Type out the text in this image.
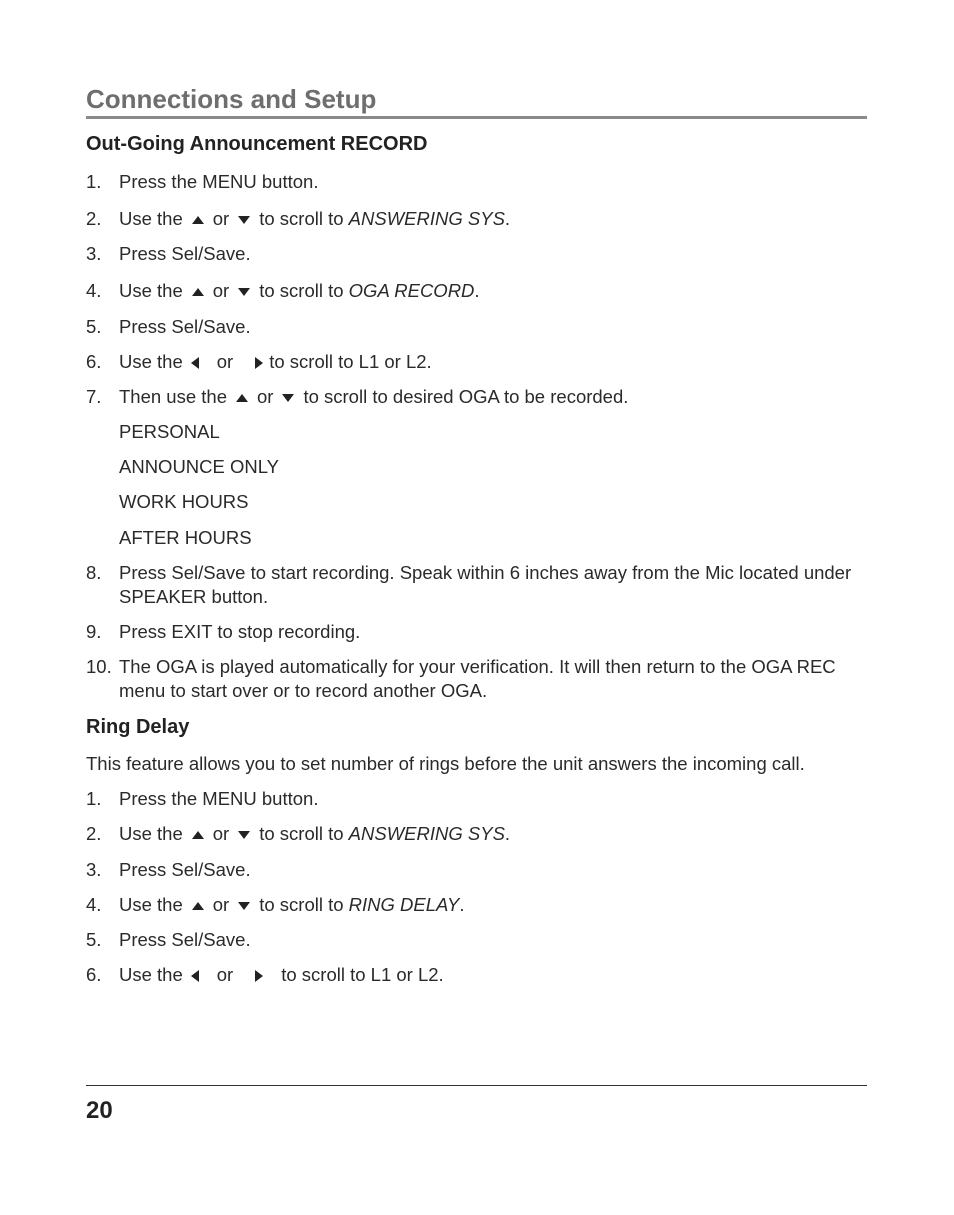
Connections and Setup
Out-Going Announcement RECORD
1. Press the MENU button.
2. Use the or to scroll to ANSWERING SYS.
3. Press Sel/Save.
4. Use the or to scroll to OGA RECORD.
5. Press Sel/Save.
6. Use the or to scroll to L1 or L2.
7. Then use the or to scroll to desired OGA to be recorded.
PERSONAL
ANNOUNCE ONLY
WORK HOURS
AFTER HOURS
8. Press Sel/Save to start recording. Speak within 6 inches away from the Mic located under SPEAKER button.
9. Press EXIT to stop recording.
10. The OGA is played automatically for your verification. It will then return to the OGA REC menu to start over or to record another OGA.
Ring Delay
This feature allows you to set number of rings before the unit answers the incoming call.
1. Press the MENU button.
2. Use the or to scroll to ANSWERING SYS.
3. Press Sel/Save.
4. Use the or to scroll to RING DELAY.
5. Press Sel/Save.
6. Use the or	to scroll to L1 or L2.
20
